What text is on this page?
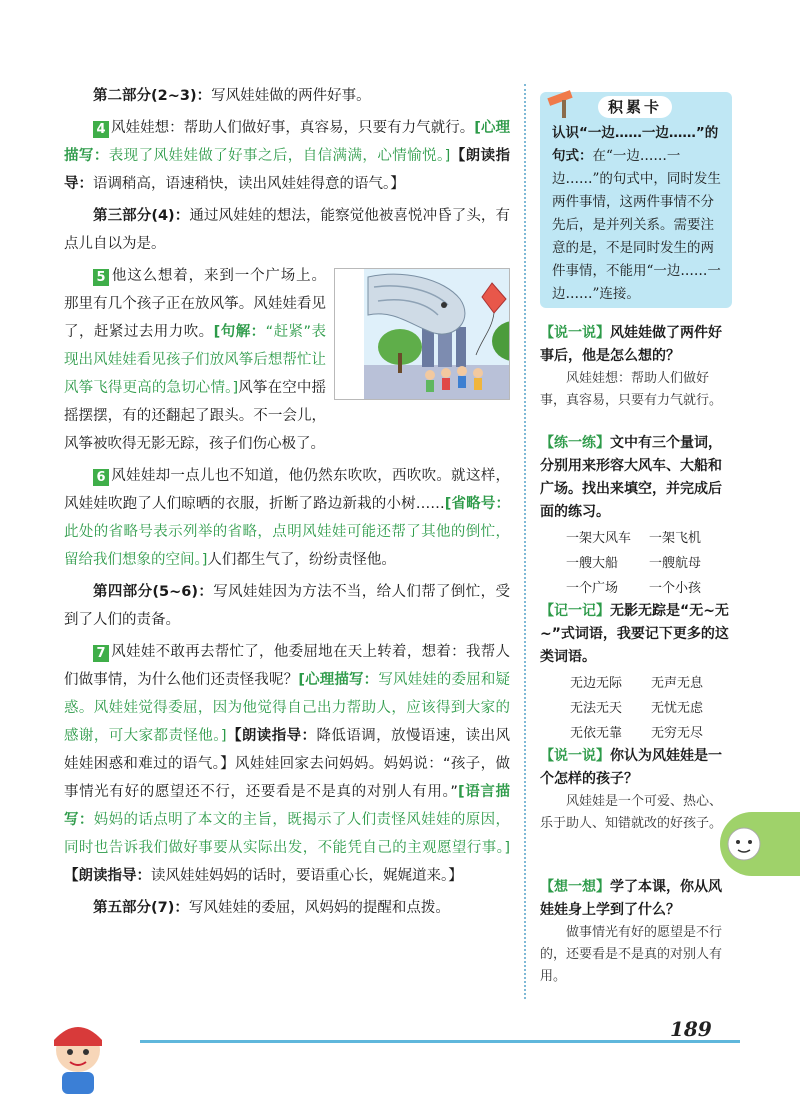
第二部分(2~3)：写风娃娃做的两件好事。

4 风娃娃想：帮助人们做好事，真容易，只要有力气就行。[心理描写：表现了风娃娃做了好事之后，自信满满，心情愉悦。]【朗读指导：语调稍高，语速稍快，读出风娃娃得意的语气。】

第三部分(4)：通过风娃娃的想法，能察觉他被喜悦冲昏了头，有点儿自以为是。

5 他这么想着，来到一个广场上。那里有几个孩子正在放风筝。风娃娃看见了，赶紧过去用力吹。[句解：“赶紧”表现出风娃娃看见孩子们放风筝后想帮忙让风筝飞得更高的急切心情。]风筝在空中摇摇摆摆，有的还翻起了跟头。不一会儿，风筝被吹得无影无踪，孩子们伤心极了。

6 风娃娃却一点儿也不知道，他仍然东吹吹，西吹吹。就这样，风娃娃吹跑了人们晾晒的衣服，折断了路边新栽的小树……[省略号：此处的省略号表示列举的省略，点明风娃娃可能还帮了其他的倒忙，留给我们想象的空间。]人们都生气了，纷纷责怪他。

第四部分(5~6)：写风娃娃因为方法不当，给人们帮了倒忙，受到了人们的责备。

7 风娃娃不敢再去帮忙了，他委屈地在天上转着，想着：我帮人们做事情，为什么他们还责怪我呢？[心理描写：写风娃娃的委屈和疑惑。风娃娃觉得委屈，因为他觉得自己出力帮助人，应该得到大家的感谢，可大家都责怪他。]【朗读指导：降低语调，放慢语速，读出风娃娃困惑和难过的语气。】风娃娃回家去问妈妈。妈妈说：“孩子，做事情光有好的愿望还不行，还要看是不是真的对别人有用。”[语言描写：妈妈的话点明了本文的主旨，既揭示了人们责怪风娃娃的原因，同时也告诉我们做好事要从实际出发，不能凭自己的主观愿望行事。]【朗读指导：读风娃娃妈妈的话时，要语重心长，娓娓道来。】

第五部分(7)：写风娃娃的委屈，风妈妈的提醒和点拨。

积累卡
认识“一边……一边……”的句式：在“一边……一边……”的句式中，同时发生两件事情，这两件事情不分先后，是并列关系。需要注意的是，不是同时发生的两件事情，不能用“一边……一边……”连接。
【说一说】风娃娃做了两件好事后，他是怎么想的？
风娃娃想：帮助人们做好事，真容易，只要有力气就行。
【练一练】文中有三个量词，分别用来形容大风车、大船和广场。找出来填空，并完成后面的练习。
一架大风车	一架飞机
一艘大船	一艘航母
一个广场	一个小孩
【记一记】无影无踪是“无~无~”式词语，我要记下更多的这类词语。
无边无际	无声无息
无法无天	无忧无虑
无依无靠	无穷无尽
【说一说】你认为风娃娃是一个怎样的孩子？
风娃娃是一个可爱、热心、乐于助人、知错就改的好孩子。
【想一想】学了本课，你从风娃娃身上学到了什么？
做事情光有好的愿望是不行的，还要看是不是真的对别人有用。
189
